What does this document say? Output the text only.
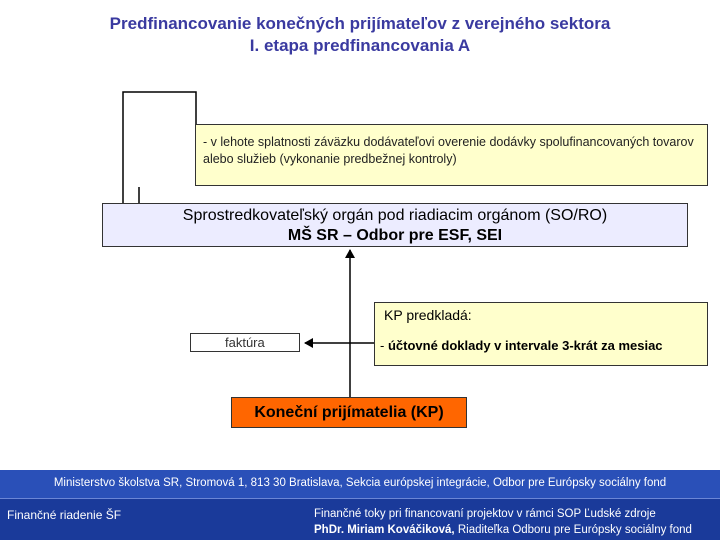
Predfinancovanie konečných prijímateľov z verejného sektora
I. etapa predfinancovania A
- v lehote splatnosti záväzku dodávateľovi overenie dodávky spolufinancovaných tovarov alebo služieb (vykonanie predbežnej kontroly)
Sprostredkovateľský orgán pod riadiacim orgánom (SO/RO)
MŠ SR – Odbor pre ESF, SEI
KP predkladá:
- účtovné doklady v intervale 3-krát za mesiac
faktúra
Koneční prijímatelia (KP)
Ministerstvo školstva SR, Stromová 1, 813 30 Bratislava, Sekcia európskej integrácie, Odbor pre Európsky sociálny fond
Finančné riadenie ŠF	Finančné toky pri financovaní projektov v rámci SOP Ľudské zdroje
PhDr. Miriam Kováčiková, Riaditeľka Odboru pre Európsky sociálny fond
